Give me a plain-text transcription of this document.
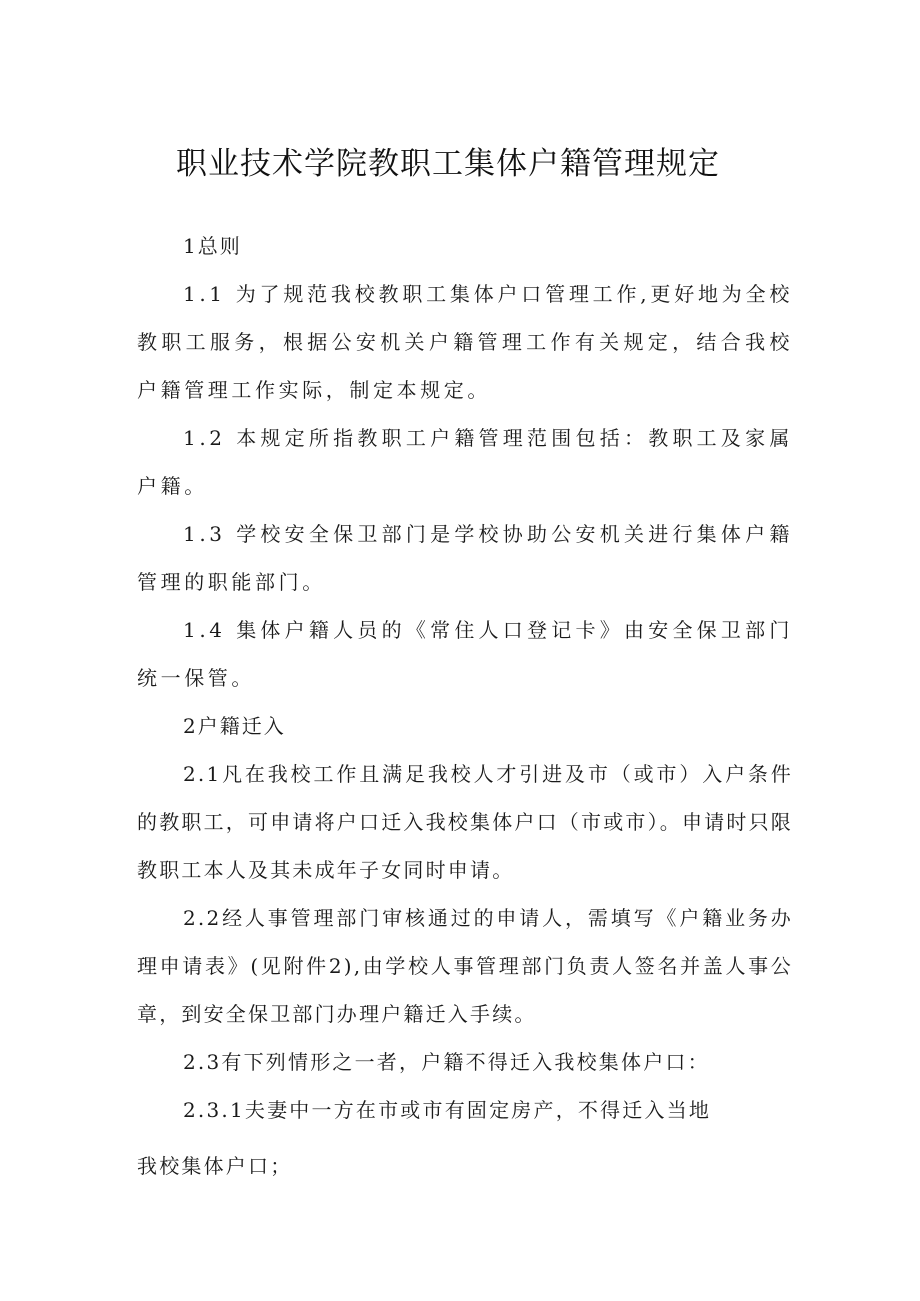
职业技术学院教职工集体户籍管理规定

1总则

1.1 为了规范我校教职工集体户口管理工作,更好地为全校教职工服务，根据公安机关户籍管理工作有关规定，结合我校户籍管理工作实际，制定本规定。

1.2 本规定所指教职工户籍管理范围包括：教职工及家属户籍。

1.3 学校安全保卫部门是学校协助公安机关进行集体户籍管理的职能部门。

1.4 集体户籍人员的《常住人口登记卡》由安全保卫部门统一保管。

2户籍迁入

2.1凡在我校工作且满足我校人才引进及市（或市）入户条件的教职工，可申请将户口迁入我校集体户口（市或市）。申请时只限教职工本人及其未成年子女同时申请。

2.2经人事管理部门审核通过的申请人，需填写《户籍业务办理申请表》(见附件2),由学校人事管理部门负责人签名并盖人事公章，到安全保卫部门办理户籍迁入手续。

2.3有下列情形之一者，户籍不得迁入我校集体户口：

2.3.1夫妻中一方在市或市有固定房产，不得迁入当地

我校集体户口；
